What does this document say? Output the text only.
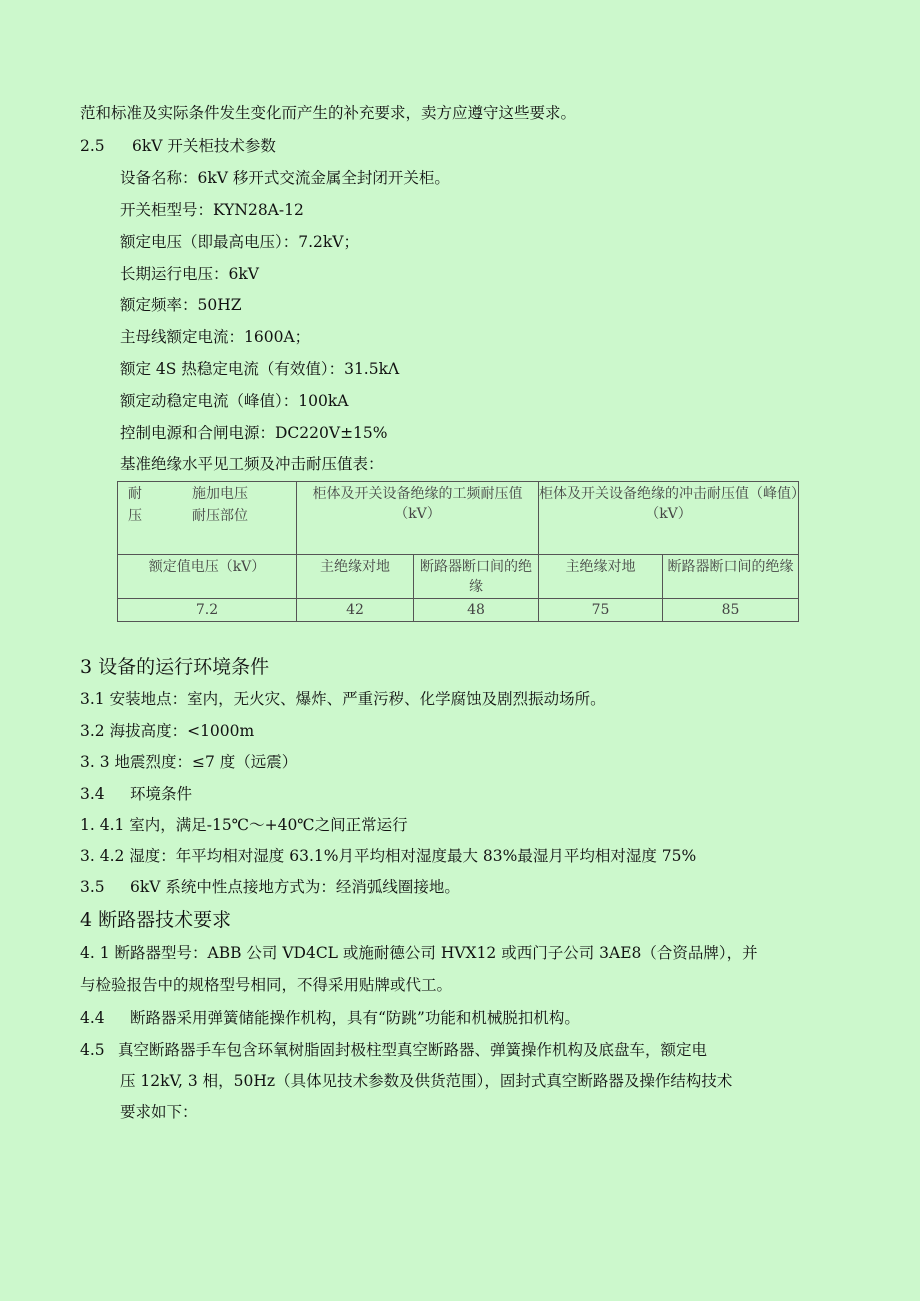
范和标准及实际条件发生变化而产生的补充要求，卖方应遵守这些要求。
2.5 6kV 开关柜技术参数
设备名称：6kV 移开式交流金属全封闭开关柜。
开关柜型号：KYN28A-12
额定电压（即最高电压）：7.2kV；
长期运行电压：6kV
额定频率：50HZ
主母线额定电流：1600A；
额定 4S 热稳定电流（有效值）：31.5kΛ
额定动稳定电流（峰值）：100kA
控制电源和合闸电源：DC220V±15%
基准绝缘水平见工频及冲击耐压值表：
耐 施加电压
压 耐压部位	柜体及开关设备绝缘的工频耐压值（kV）		柜体及开关设备绝缘的冲击耐压值（峰值）（kV）	

额定值电压（kV）	主绝缘对地	断路器断口间的绝缘	主绝缘对地	断路器断口间的绝缘

7.2	42	48	75	85
3 设备的运行环境条件
3.1 安装地点：室内，无火灾、爆炸、严重污秽、化学腐蚀及剧烈振动场所。
3.2 海拔高度：<1000m
3. 3 地震烈度：≤7 度（远震）
3.4 环境条件
1. 4.1 室内，满足-15℃～+40℃之间正常运行
3. 4.2 湿度：年平均相对湿度 63.1%月平均相对湿度最大 83%最湿月平均相对湿度 75%
3.5 6kV 系统中性点接地方式为：经消弧线圈接地。
4 断路器技术要求
4. 1 断路器型号：ABB 公司 VD4CL 或施耐德公司 HVX12 或西门子公司 3AE8（合资品牌），并
与检验报告中的规格型号相同，不得采用贴牌或代工。
4.4 断路器采用弹簧储能操作机构，具有“防跳”功能和机械脱扣机构。
4.5 真空断路器手车包含环氧树脂固封极柱型真空断路器、弹簧操作机构及底盘车，额定电
压 12kV, 3 相，50Hz（具体见技术参数及供货范围），固封式真空断路器及操作结构技术
要求如下：
